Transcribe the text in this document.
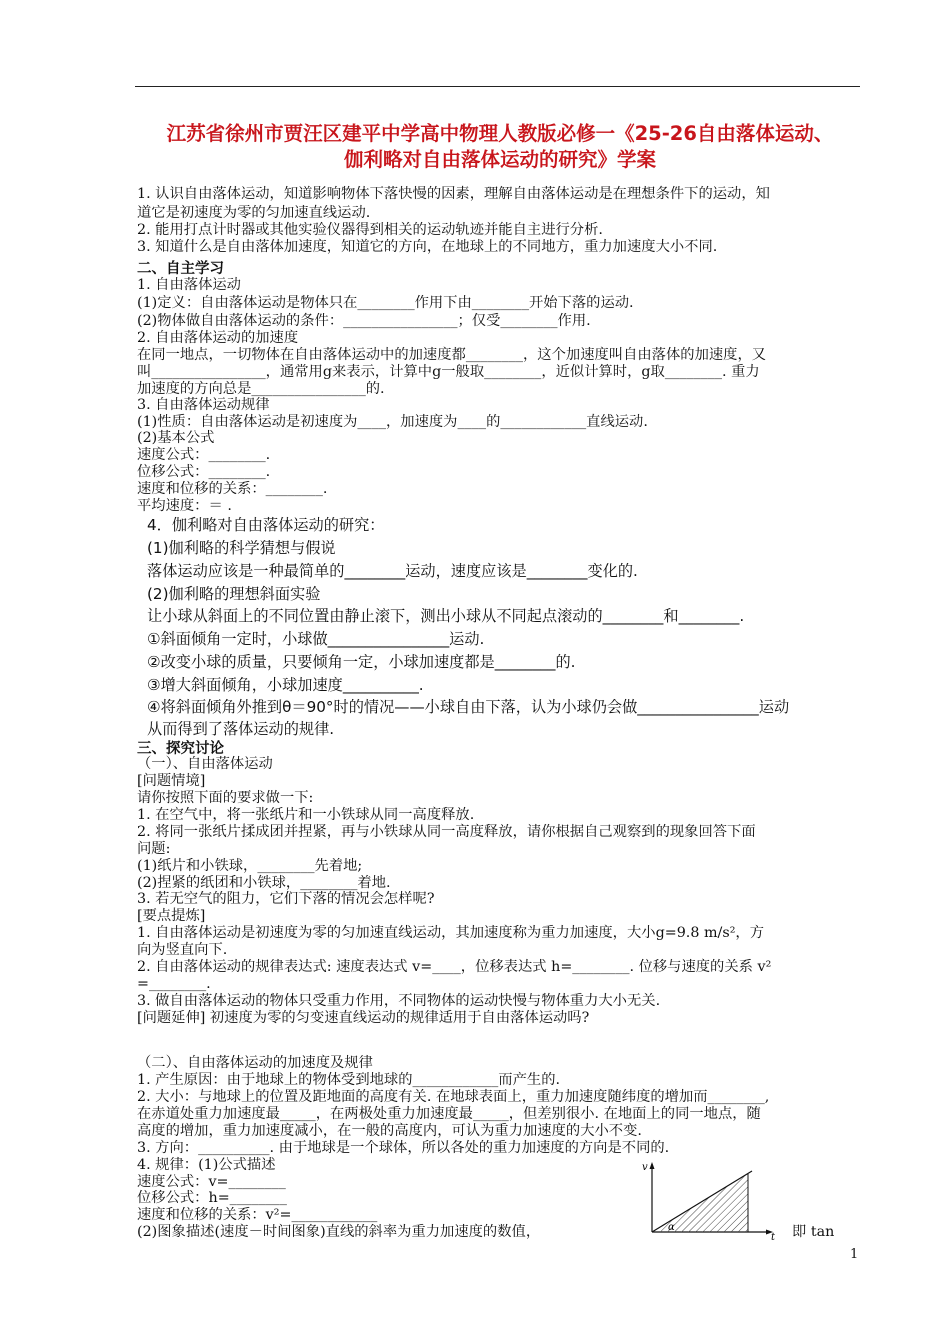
江苏省徐州市贾汪区建平中学高中物理人教版必修一《25-26自由落体运动、
伽利略对自由落体运动的研究》学案
1. 认识自由落体运动，知道影响物体下落快慢的因素，理解自由落体运动是在理想条件下的运动，知
道它是初速度为零的匀加速直线运动.
2. 能用打点计时器或其他实验仪器得到相关的运动轨迹并能自主进行分析.
3. 知道什么是自由落体加速度，知道它的方向，在地球上的不同地方，重力加速度大小不同.
二、自主学习
1. 自由落体运动
(1)定义：自由落体运动是物体只在________作用下由________开始下落的运动.
(2)物体做自由落体运动的条件：________________；仅受________作用.
2. 自由落体运动的加速度
在同一地点，一切物体在自由落体运动中的加速度都________，这个加速度叫自由落体的加速度，又
叫________________，通常用g来表示，计算中g一般取________，近似计算时，g取________. 重力
加速度的方向总是________________的.
3. 自由落体运动规律
(1)性质：自由落体运动是初速度为____，加速度为____的____________直线运动.
(2)基本公式
速度公式：________.
位移公式：________.
速度和位移的关系：________.
平均速度：＝ .
4．伽利略对自由落体运动的研究：
(1)伽利略的科学猜想与假说
落体运动应该是一种最简单的________运动，速度应该是________变化的.
(2)伽利略的理想斜面实验
让小球从斜面上的不同位置由静止滚下，测出小球从不同起点滚动的________和________.
①斜面倾角一定时，小球做________________运动.
②改变小球的质量，只要倾角一定，小球加速度都是________的.
③增大斜面倾角，小球加速度__________.
④将斜面倾角外推到θ＝90°时的情况——小球自由下落，认为小球仍会做________________运动
从而得到了落体运动的规律.
三、探究讨论
（一）、自由落体运动
[问题情境]
请你按照下面的要求做一下:
1. 在空气中，将一张纸片和一小铁球从同一高度释放.
2. 将同一张纸片揉成团并捏紧，再与小铁球从同一高度释放，请你根据自己观察到的现象回答下面
问题:
(1)纸片和小铁球，________先着地;
(2)捏紧的纸团和小铁球，________着地.
3. 若无空气的阻力，它们下落的情况会怎样呢?
[要点提炼]
1. 自由落体运动是初速度为零的匀加速直线运动，其加速度称为重力加速度，大小g=9.8 m/s²，方
向为竖直向下.
2. 自由落体运动的规律表达式: 速度表达式 v=____，位移表达式 h=________. 位移与速度的关系 v²
=________.
3. 做自由落体运动的物体只受重力作用，不同物体的运动快慢与物体重力大小无关.
[问题延伸] 初速度为零的匀变速直线运动的规律适用于自由落体运动吗?
（二）、自由落体运动的加速度及规律
1. 产生原因：由于地球上的物体受到地球的____________而产生的.
2. 大小：与地球上的位置及距地面的高度有关. 在地球表面上，重力加速度随纬度的增加而________,
在赤道处重力加速度最_____，在两极处重力加速度最_____，但差别很小. 在地面上的同一地点，随
高度的增加，重力加速度减小，在一般的高度内，可认为重力加速度的大小不变.
3. 方向：__________. 由于地球是一个球体，所以各处的重力加速度的方向是不同的.
4. 规律：(1)公式描述
速度公式：v=________
位移公式：h=________
速度和位移的关系：v²=____________
(2)图象描述(速度－时间图象)直线的斜率为重力加速度的数值，
v
t
α	即 tan
1
